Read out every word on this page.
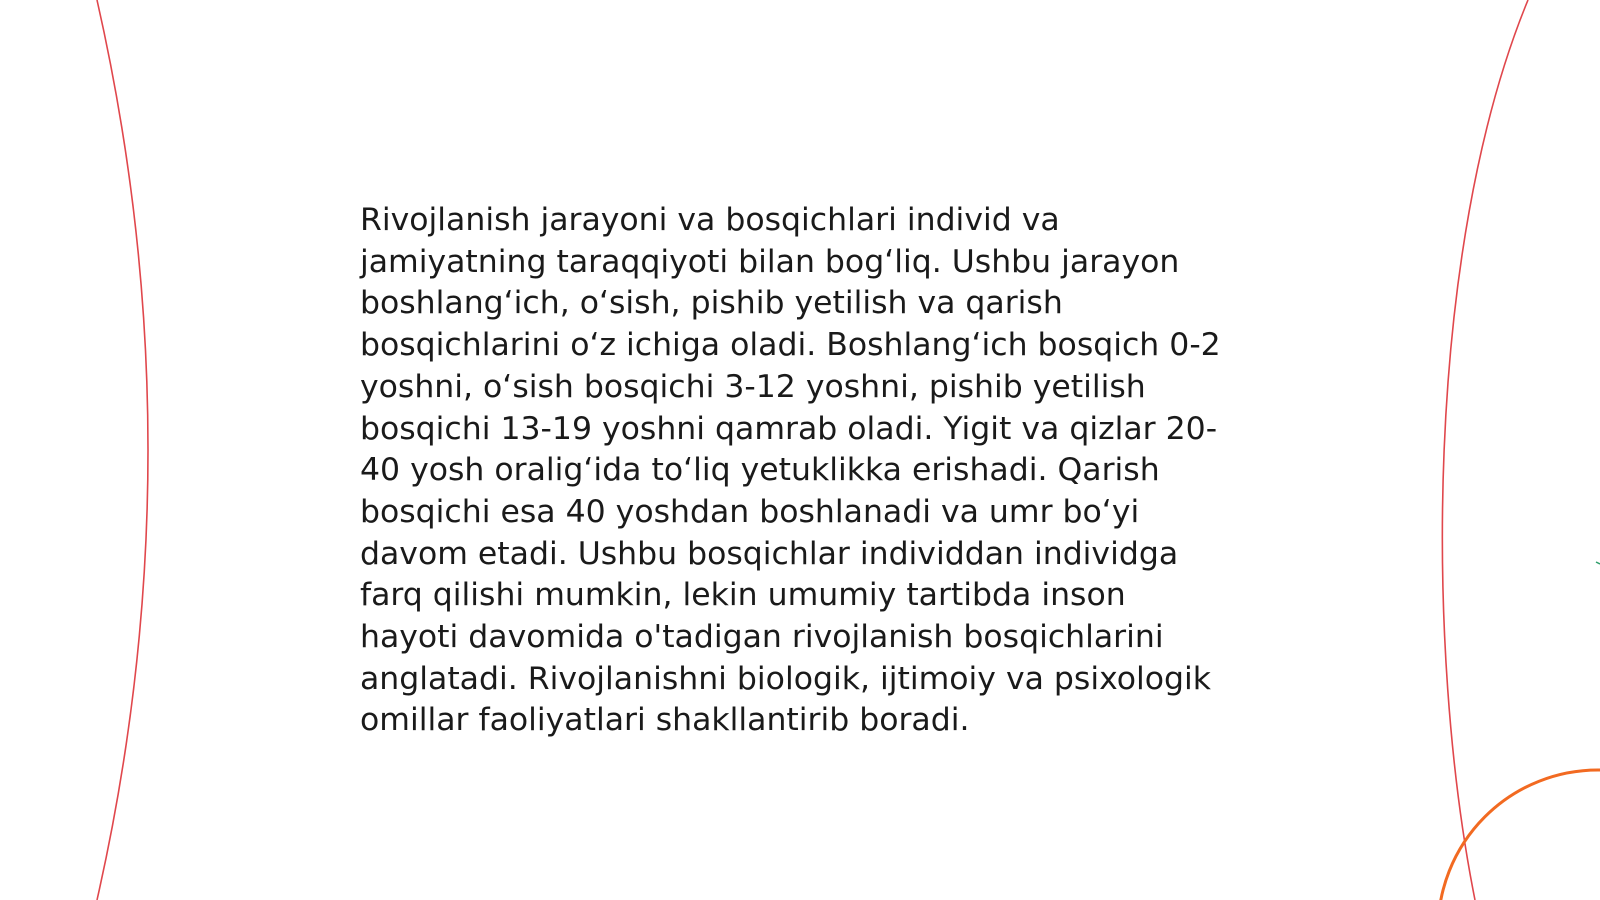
Rivojlanish jarayoni va bosqichlari individ va
jamiyatning taraqqiyoti bilan bog‘liq. Ushbu jarayon
boshlang‘ich, o‘sish, pishib yetilish va qarish
bosqichlarini o‘z ichiga oladi. Boshlang‘ich bosqich 0-2
yoshni, o‘sish bosqichi 3-12 yoshni, pishib yetilish
bosqichi 13-19 yoshni qamrab oladi. Yigit va qizlar 20-
40 yosh oralig‘ida to‘liq yetuklikka erishadi. Qarish
bosqichi esa 40 yoshdan boshlanadi va umr bo‘yi
davom etadi. Ushbu bosqichlar individdan individga
farq qilishi mumkin, lekin umumiy tartibda inson
hayoti davomida o'tadigan rivojlanish bosqichlarini
anglatadi. Rivojlanishni biologik, ijtimoiy va psixologik
omillar faoliyatlari shakllantirib boradi.
